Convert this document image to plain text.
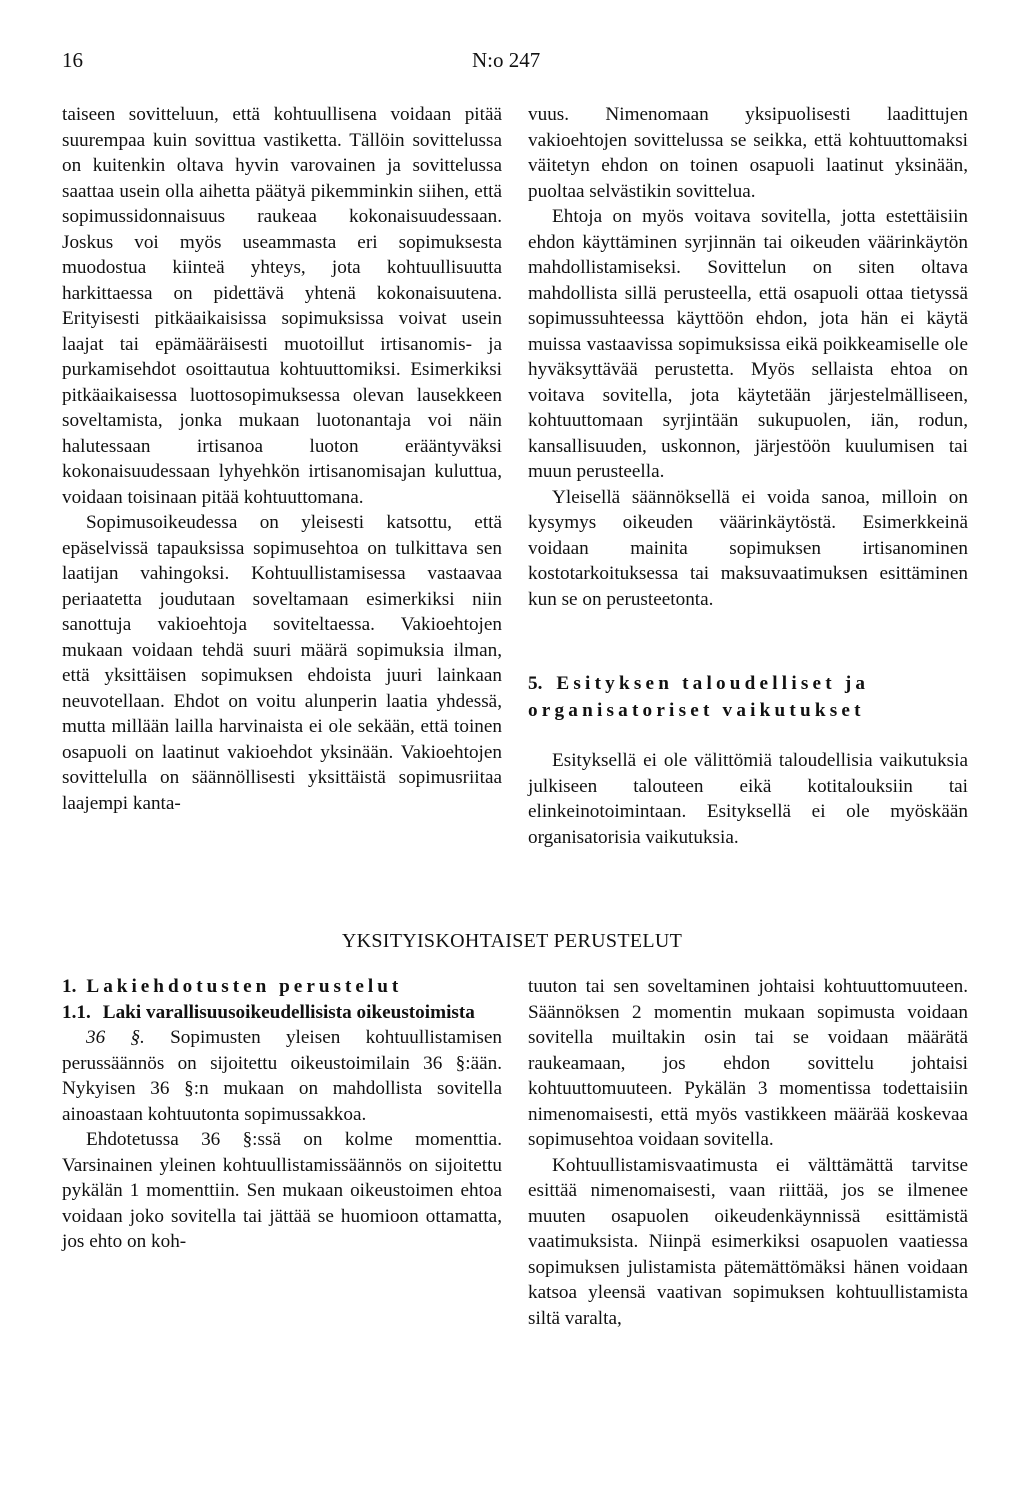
16	N:o 247

taiseen sovitteluun, että kohtuullisena voidaan pitää suurempaa kuin sovittua vastiketta. Tällöin sovittelussa on kuitenkin oltava hyvin varovainen ja sovittelussa saattaa usein olla aihetta päätyä pikemminkin siihen, että sopimussidonnaisuus raukeaa kokonaisuudessaan. Joskus voi myös useammasta eri sopimuksesta muodostua kiinteä yhteys, jota kohtuullisuutta harkittaessa on pidettävä yhtenä kokonaisuutena. Erityisesti pitkäaikaisissa sopimuksissa voivat usein laajat tai epämääräisesti muotoillut irtisanomis- ja purkamisehdot osoittautua kohtuuttomiksi. Esimerkiksi pitkäaikaisessa luottosopimuksessa olevan lausekkeen soveltamista, jonka mukaan luotonantaja voi näin halutessaan irtisanoa luoton erääntyväksi kokonaisuudessaan lyhyehkön irtisanomisajan kuluttua, voidaan toisinaan pitää kohtuuttomana.

Sopimusoikeudessa on yleisesti katsottu, että epäselvissä tapauksissa sopimusehtoa on tulkittava sen laatijan vahingoksi. Kohtuullistamisessa vastaavaa periaatetta joudutaan soveltamaan esimerkiksi niin sanottuja vakioehtoja soviteltaessa. Vakioehtojen mukaan voidaan tehdä suuri määrä sopimuksia ilman, että yksittäisen sopimuksen ehdoista juuri lainkaan neuvotellaan. Ehdot on voitu alunperin laatia yhdessä, mutta millään lailla harvinaista ei ole sekään, että toinen osapuoli on laatinut vakioehdot yksinään. Vakioehtojen sovittelulla on säännöllisesti yksittäistä sopimusriitaa laajempi kanta-

vuus. Nimenomaan yksipuolisesti laadittujen vakioehtojen sovittelussa se seikka, että kohtuuttomaksi väitetyn ehdon on toinen osapuoli laatinut yksinään, puoltaa selvästikin sovittelua.

Ehtoja on myös voitava sovitella, jotta estettäisiin ehdon käyttäminen syrjinnän tai oikeuden väärinkäytön mahdollistamiseksi. Sovittelun on siten oltava mahdollista sillä perusteella, että osapuoli ottaa tietyssä sopimussuhteessa käyttöön ehdon, jota hän ei käytä muissa vastaavissa sopimuksissa eikä poikkeamiselle ole hyväksyttävää perustetta. Myös sellaista ehtoa on voitava sovitella, jota käytetään järjestelmälliseen, kohtuuttomaan syrjintään sukupuolen, iän, rodun, kansallisuuden, uskonnon, järjestöön kuulumisen tai muun perusteella.

Yleisellä säännöksellä ei voida sanoa, milloin on kysymys oikeuden väärinkäytöstä. Esimerkkeinä voidaan mainita sopimuksen irtisanominen kostotarkoituksessa tai maksuvaatimuksen esittäminen kun se on perusteetonta.

5. Esityksen taloudelliset ja organisatoriset vaikutukset

Esityksellä ei ole välittömiä taloudellisia vaikutuksia julkiseen talouteen eikä kotitalouksiin tai elinkeinotoimintaan. Esityksellä ei ole myöskään organisatorisia vaikutuksia.

YKSITYISKOHTAISET PERUSTELUT

1. Lakiehdotusten perustelut

1.1. Laki varallisuusoikeudellisista oikeustoimista

36 §. Sopimusten yleisen kohtuullistamisen perussäännös on sijoitettu oikeustoimilain 36 §:ään. Nykyisen 36 §:n mukaan on mahdollista sovitella ainoastaan kohtuutonta sopimussakkoa.

Ehdotetussa 36 §:ssä on kolme momenttia. Varsinainen yleinen kohtuullistamissäännös on sijoitettu pykälän 1 momenttiin. Sen mukaan oikeustoimen ehtoa voidaan joko sovitella tai jättää se huomioon ottamatta, jos ehto on koh-

tuuton tai sen soveltaminen johtaisi kohtuuttomuuteen. Säännöksen 2 momentin mukaan sopimusta voidaan sovitella muiltakin osin tai se voidaan määrätä raukeamaan, jos ehdon sovittelu johtaisi kohtuuttomuuteen. Pykälän 3 momentissa todettaisiin nimenomaisesti, että myös vastikkeen määrää koskevaa sopimusehtoa voidaan sovitella.

Kohtuullistamisvaatimusta ei välttämättä tarvitse esittää nimenomaisesti, vaan riittää, jos se ilmenee muuten osapuolen oikeudenkäynnissä esittämistä vaatimuksista. Niinpä esimerkiksi osapuolen vaatiessa sopimuksen julistamista pätemättömäksi hänen voidaan katsoa yleensä vaativan sopimuksen kohtuullistamista siltä varalta,
